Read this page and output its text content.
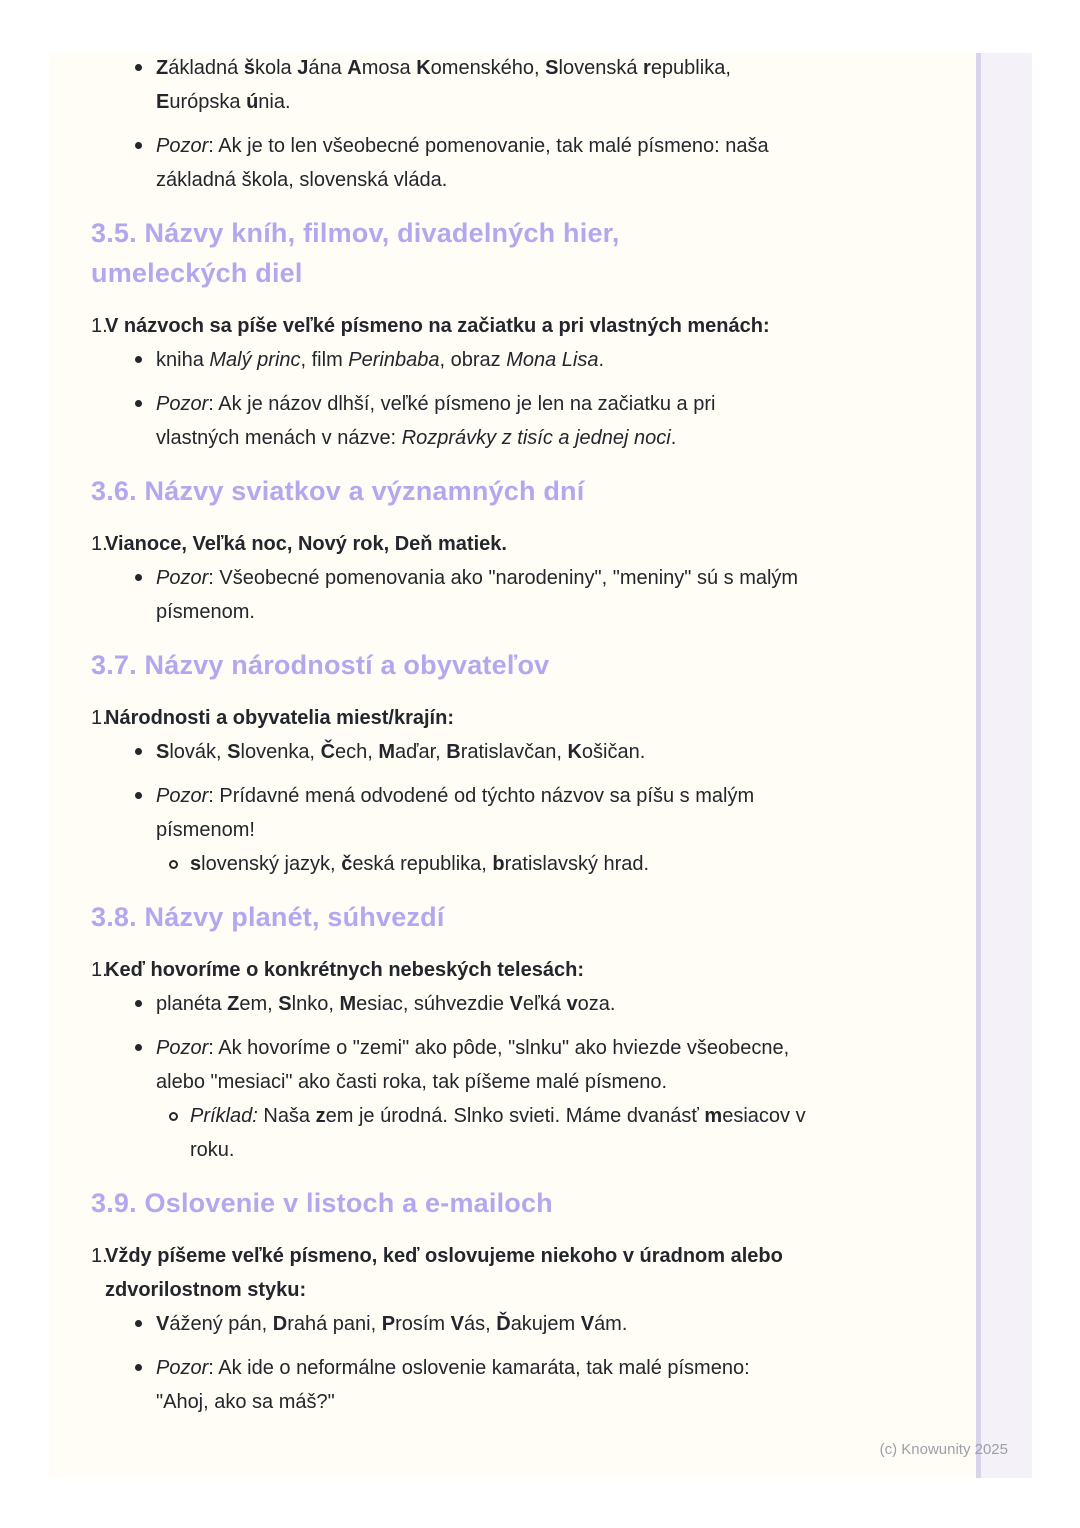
Základná škola Jána Amosa Komenského, Slovenská republika,
Európska únia.
Pozor: Ak je to len všeobecné pomenovanie, tak malé písmeno: naša
základná škola, slovenská vláda.
3.5. Názvy kníh, filmov, divadelných hier,
umeleckých diel
1.
V názvoch sa píše veľké písmeno na začiatku a pri vlastných menách:
kniha Malý princ, film Perinbaba, obraz Mona Lisa.
Pozor: Ak je názov dlhší, veľké písmeno je len na začiatku a pri
vlastných menách v názve: Rozprávky z tisíc a jednej noci.
3.6. Názvy sviatkov a významných dní
1.
Vianoce, Veľká noc, Nový rok, Deň matiek.
Pozor: Všeobecné pomenovania ako "narodeniny", "meniny" sú s malým
písmenom.
3.7. Názvy národností a obyvateľov
1.
Národnosti a obyvatelia miest/krajín:
Slovák, Slovenka, Čech, Maďar, Bratislavčan, Košičan.
Pozor: Prídavné mená odvodené od týchto názvov sa píšu s malým
písmenom!
slovenský jazyk, česká republika, bratislavský hrad.
3.8. Názvy planét, súhvezdí
1.
Keď hovoríme o konkrétnych nebeských telesách:
planéta Zem, Slnko, Mesiac, súhvezdie Veľká voza.
Pozor: Ak hovoríme o "zemi" ako pôde, "slnku" ako hviezde všeobecne,
alebo "mesiaci" ako časti roka, tak píšeme malé písmeno.
Príklad: Naša zem je úrodná. Slnko svieti. Máme dvanásť mesiacov v
roku.
3.9. Oslovenie v listoch a e-mailoch
1.
Vždy píšeme veľké písmeno, keď oslovujeme niekoho v úradnom alebo
zdvorilostnom styku:
Vážený pán, Drahá pani, Prosím Vás, Ďakujem Vám.
Pozor: Ak ide o neformálne oslovenie kamaráta, tak malé písmeno:
"Ahoj, ako sa máš?"
(c) Knowunity 2025
